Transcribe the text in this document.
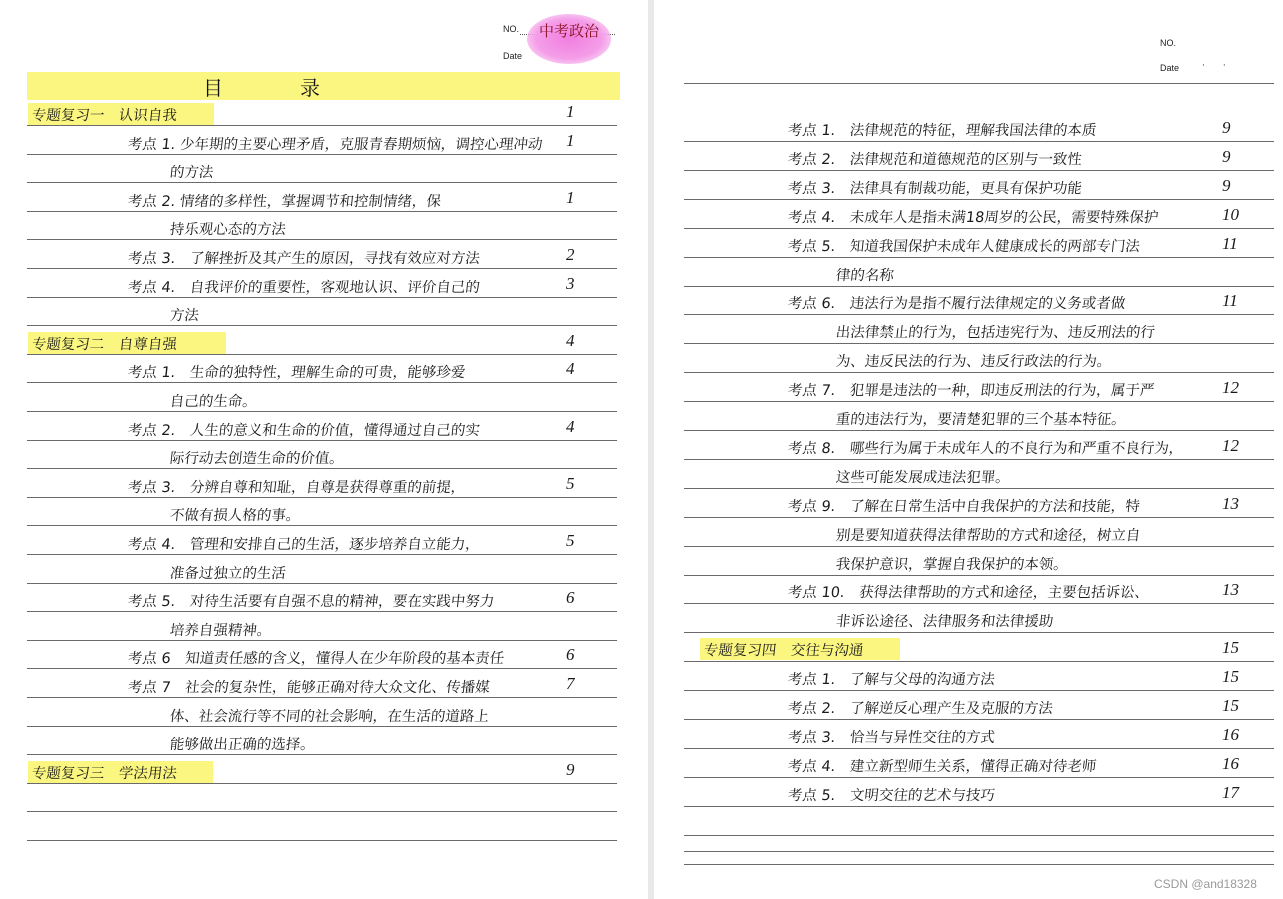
NO.
Date
中考政治
目	录
专题复习一　认识自我	1
考点 1. 少年期的主要心理矛盾，克服青春期烦恼，调控心理冲动 1
的方法
考点 2. 情绪的多样性，掌握调节和控制情绪，保	1
持乐观心态的方法
考点 3.　了解挫折及其产生的原因，寻找有效应对方法	2
考点 4.　自我评价的重要性，客观地认识、评价自己的	3
方法
专题复习二　自尊自强	4
考点 1.　生命的独特性，理解生命的可贵，能够珍爱	4
自己的生命。
考点 2.　人生的意义和生命的价值，懂得通过自己的实	4
际行动去创造生命的价值。
考点 3.　分辨自尊和知耻，自尊是获得尊重的前提，	5
不做有损人格的事。
考点 4.　管理和安排自己的生活，逐步培养自立能力，	5
准备过独立的生活
考点 5.　对待生活要有自强不息的精神，要在实践中努力	6
培养自强精神。
考点 6　知道责任感的含义，懂得人在少年阶段的基本责任	6
考点 7　社会的复杂性，能够正确对待大众文化、传播媒	7
体、社会流行等不同的社会影响，在生活的道路上
能够做出正确的选择。
专题复习三　学法用法	9
NO.
Date	··
考点 1.　法律规范的特征，理解我国法律的本质	9
考点 2.　法律规范和道德规范的区别与一致性	9
考点 3.　法律具有制裁功能，更具有保护功能	9
考点 4.　未成年人是指未满18周岁的公民，需要特殊保护	10
考点 5.　知道我国保护未成年人健康成长的两部专门法	11
律的名称
考点 6.　违法行为是指不履行法律规定的义务或者做	11
出法律禁止的行为，包括违宪行为、违反刑法的行
为、违反民法的行为、违反行政法的行为。
考点 7.　犯罪是违法的一种，即违反刑法的行为，属于严	12
重的违法行为，要清楚犯罪的三个基本特征。
考点 8.　哪些行为属于未成年人的不良行为和严重不良行为， 12
这些可能发展成违法犯罪。
考点 9.　了解在日常生活中自我保护的方法和技能，特	13
别是要知道获得法律帮助的方式和途径，树立自
我保护意识，掌握自我保护的本领。
考点 10.　获得法律帮助的方式和途径，主要包括诉讼、	13
非诉讼途径、法律服务和法律援助
专题复习四　交往与沟通	15
考点 1.　了解与父母的沟通方法	15
考点 2.　了解逆反心理产生及克服的方法	15
考点 3.　恰当与异性交往的方式	16
考点 4.　建立新型师生关系，懂得正确对待老师	16
考点 5.　文明交往的艺术与技巧	17
CSDN @and18328
